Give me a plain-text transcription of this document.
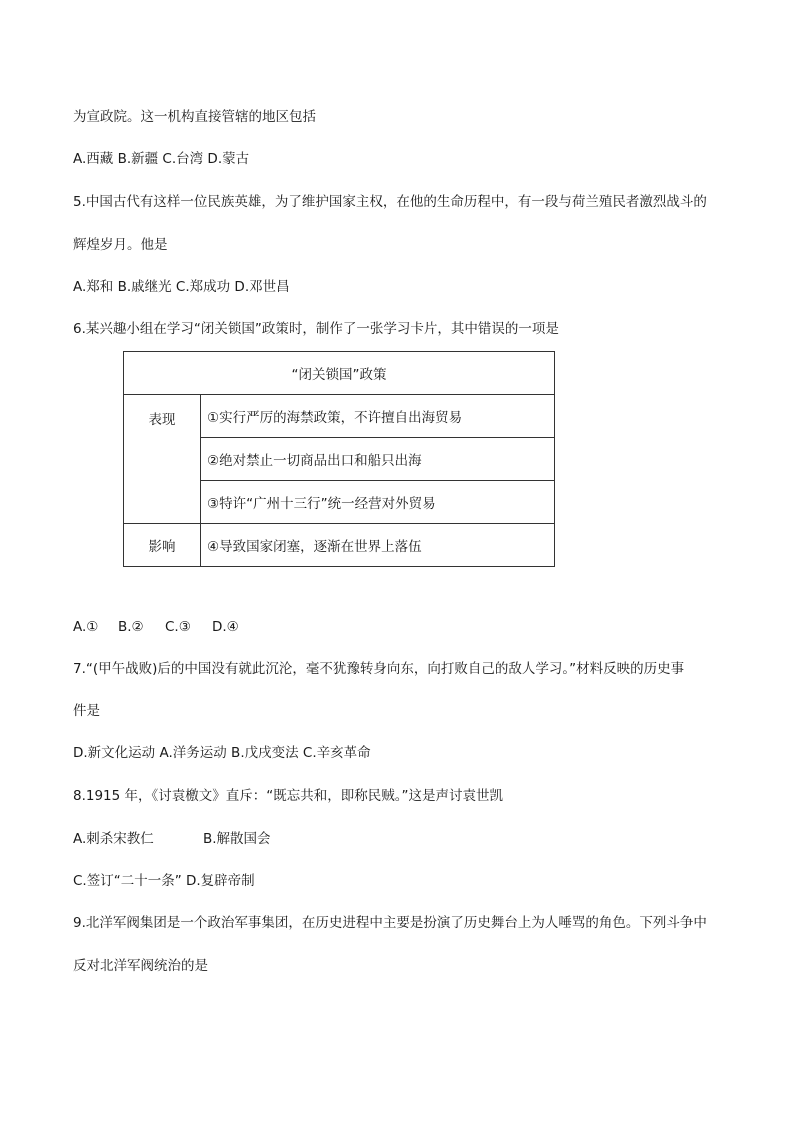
为宣政院。这一机构直接管辖的地区包括
A.西藏 B.新疆 C.台湾 D.蒙古
5.中国古代有这样一位民族英雄，为了维护国家主权，在他的生命历程中，有一段与荷兰殖民者激烈战斗的
辉煌岁月。他是
A.郑和 B.戚继光 C.郑成功 D.邓世昌
6.某兴趣小组在学习“闭关锁国”政策时，制作了一张学习卡片，其中错误的一项是
“闭关锁国”政策	
表现	①实行严厉的海禁政策，不许擅自出海贸易
	②绝对禁止一切商品出口和船只出海
	③特许“广州十三行”统一经营对外贸易
影响	④导致国家闭塞，逐渐在世界上落伍
A.① B.② C.③ D.④
7.“(甲午战败)后的中国没有就此沉沦，毫不犹豫转身向东，向打败自己的敌人学习。”材料反映的历史事
件是
D.新文化运动 A.洋务运动 B.戊戌变法 C.辛亥革命
8.1915 年，《讨袁檄文》直斥：“既忘共和，即称民贼。”这是声讨袁世凯
A.刺杀宋教仁	B.解散国会
C.签订“二十一条” D.复辟帝制
9.北洋军阀集团是一个政治军事集团，在历史进程中主要是扮演了历史舞台上为人唾骂的角色。下列斗争中
反对北洋军阀统治的是
